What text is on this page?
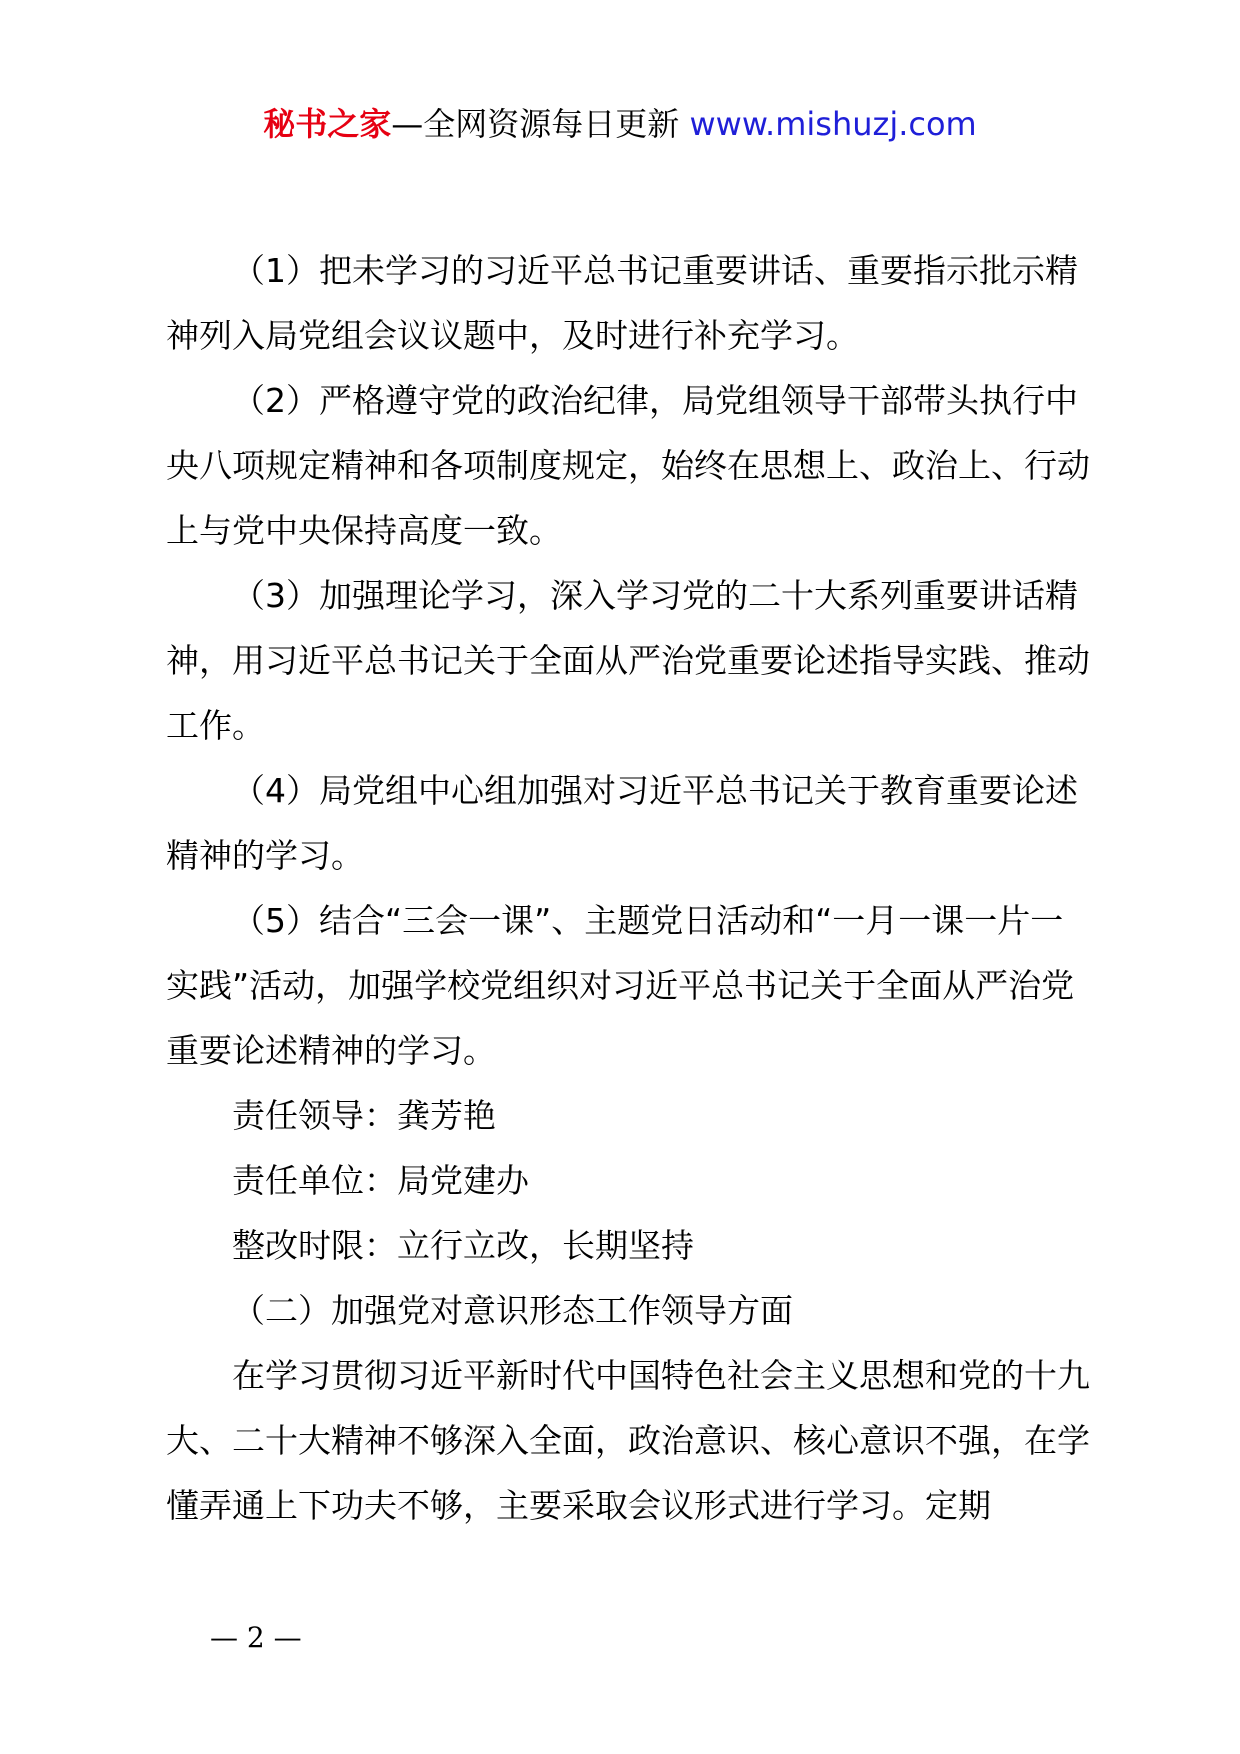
秘书之家—全网资源每日更新 www.mishuzj.com

（1）把未学习的习近平总书记重要讲话、重要指示批示精神列入局党组会议议题中，及时进行补充学习。

（2）严格遵守党的政治纪律，局党组领导干部带头执行中央八项规定精神和各项制度规定，始终在思想上、政治上、行动上与党中央保持高度一致。

（3）加强理论学习，深入学习党的二十大系列重要讲话精神，用习近平总书记关于全面从严治党重要论述指导实践、推动工作。

（4）局党组中心组加强对习近平总书记关于教育重要论述精神的学习。

（5）结合“三会一课”、主题党日活动和“一月一课一片一实践”活动，加强学校党组织对习近平总书记关于全面从严治党重要论述精神的学习。

责任领导：龚芳艳

责任单位：局党建办

整改时限：立行立改，长期坚持

（二）加强党对意识形态工作领导方面

在学习贯彻习近平新时代中国特色社会主义思想和党的十九大、二十大精神不够深入全面，政治意识、核心意识不强，在学懂弄通上下功夫不够，主要采取会议形式进行学习。定期

— 2 —
